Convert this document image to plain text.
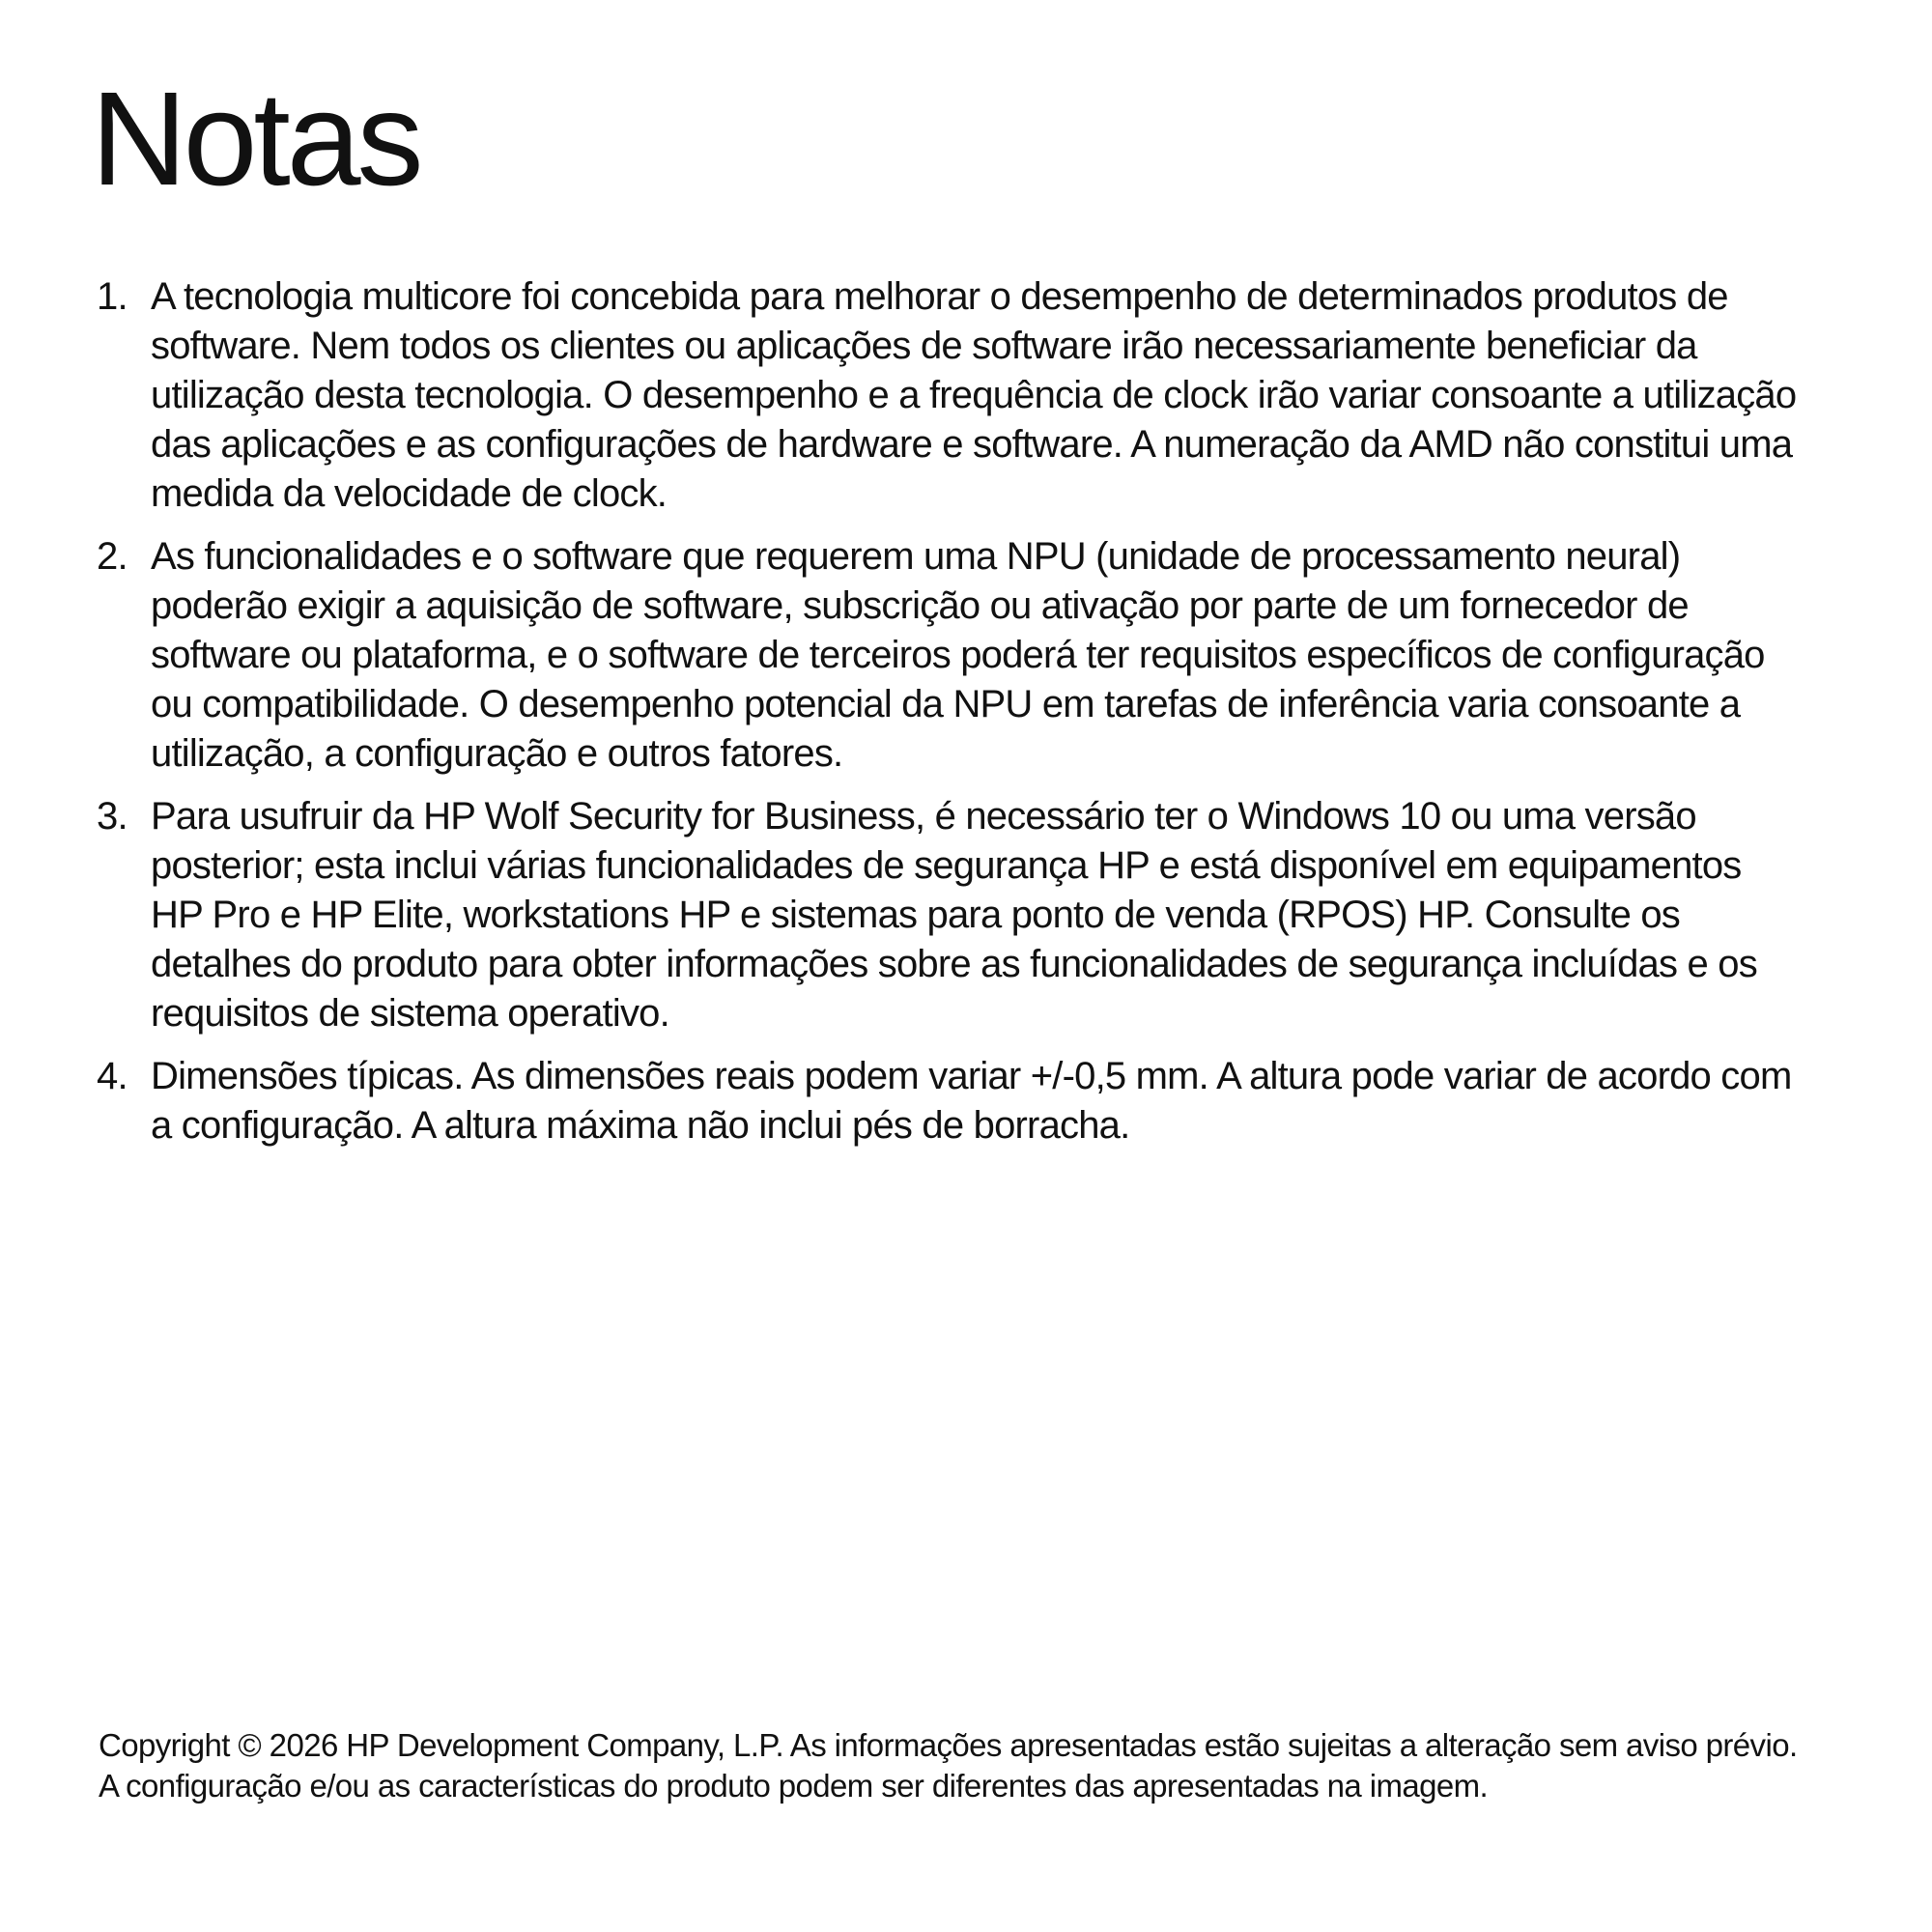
Notas
1. A tecnologia multicore foi concebida para melhorar o desempenho de determinados produtos de software. Nem todos os clientes ou aplicações de software irão necessariamente beneficiar da utilização desta tecnologia. O desempenho e a frequência de clock irão variar consoante a utilização das aplicações e as configurações de hardware e software. A numeração da AMD não constitui uma medida da velocidade de clock.
2. As funcionalidades e o software que requerem uma NPU (unidade de processamento neural) poderão exigir a aquisição de software, subscrição ou ativação por parte de um fornecedor de software ou plataforma, e o software de terceiros poderá ter requisitos específicos de configuração ou compatibilidade. O desempenho potencial da NPU em tarefas de inferência varia consoante a utilização, a configuração e outros fatores.
3. Para usufruir da HP Wolf Security for Business, é necessário ter o Windows 10 ou uma versão posterior; esta inclui várias funcionalidades de segurança HP e está disponível em equipamentos HP Pro e HP Elite, workstations HP e sistemas para ponto de venda (RPOS) HP. Consulte os detalhes do produto para obter informações sobre as funcionalidades de segurança incluídas e os requisitos de sistema operativo.
4. Dimensões típicas. As dimensões reais podem variar +/-0,5 mm. A altura pode variar de acordo com a configuração. A altura máxima não inclui pés de borracha.

Copyright © 2026 HP Development Company, L.P. As informações apresentadas estão sujeitas a alteração sem aviso prévio. A configuração e/ou as características do produto podem ser diferentes das apresentadas na imagem.
